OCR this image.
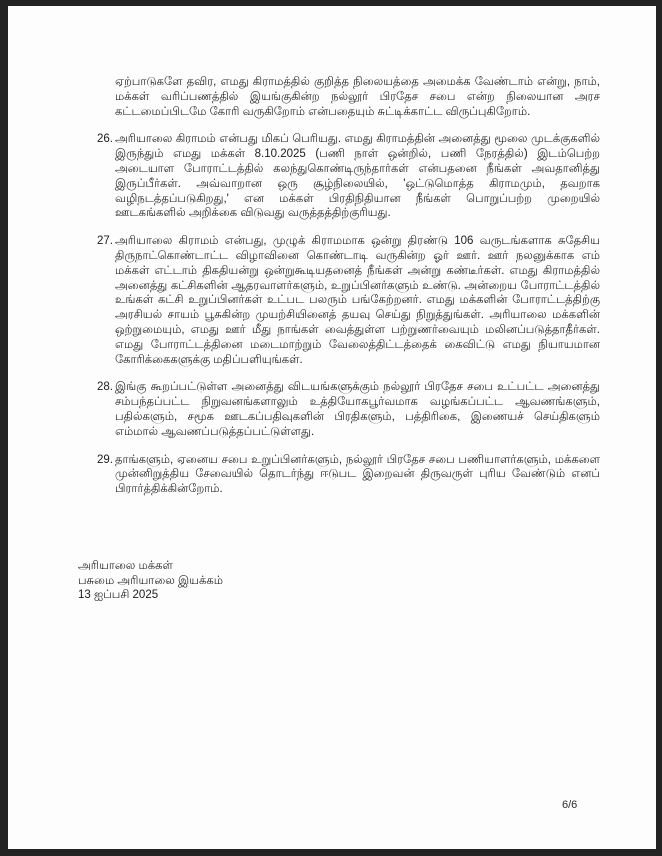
ஏற்பாடுகளே தவிர, எமது கிராமத்தில் குறித்த நிலையத்தை அமைக்க வேண்டாம் என்று, நாம், மக்கள் வரிப்பணத்தில் இயங்குகின்ற நல்லூர் பிரதேச சபை என்ற நிலையான அரச கட்டமைப்பிடமே கோரி வருகிறோம் என்பதையும் சுட்டிக்காட்ட விருப்புகிறோம்.

26. அரியாலை கிராமம் என்பது மிகப் பெரியது. எமது கிராமத்தின் அனைத்து மூலை முடக்குகளில் இருந்தும் எமது மக்கள் 8.10.2025 (பணி நாள் ஒன்றில், பணி நேரத்தில்) இடம்பெற்ற அடையாள போராட்டத்தில் கலந்துகொண்டிருந்தார்கள் என்பதனை நீங்கள் அவதானித்து இருப்பீர்கள். அவ்வாறான ஒரு சூழ்நிலையில், 'ஒட்டுமொத்த கிராமமும், தவறாக வழிநடத்தப்படுகிறது,' என மக்கள் பிரதிநிதியான நீங்கள் பொறுப்பற்ற முறையில் ஊடகங்களில் அறிக்கை விடுவது வருத்தத்திற்குரியது.
27. அரியாலை கிராமம் என்பது, முழுக் கிராமமாக ஒன்று திரண்டு 106 வருடங்களாக சுதேசிய திருநாட்கொண்டாட்ட விழாவினை கொண்டாடி வருகின்ற ஓர் ஊர். ஊர் நலனுக்காக எம் மக்கள் எட்டாம் திகதியன்று ஒன்றுகூடியதனைத் நீங்கள் அன்று கண்டீர்கள். எமது கிராமத்தில் அனைத்து கட்சிகளின் ஆதரவாளர்களும், உறுப்பினர்களும் உண்டு. அன்றைய போராட்டத்தில் உங்கள் கட்சி உறுப்பினர்கள் உட்பட பலரும் பங்கேற்றனர். எமது மக்களின் போராட்டத்திற்கு அரசியல் சாயம் பூசுகின்ற முயற்சியினைத் தயவு செய்து நிறுத்துங்கள். அரியாலை மக்களின் ஒற்றுமையும், எமது ஊர் மீது நாங்கள் வைத்துள்ள பற்றுணர்வையும் மலினப்படுத்தாதீர்கள். எமது போராட்டத்தினை மடைமாற்றும் வேலைத்திட்டத்தைக் கைவிட்டு எமது நியாயமான கோரிக்கைகளுக்கு மதிப்பளியுங்கள்.
28. இங்கு கூறப்பட்டுள்ள அனைத்து விடயங்களுக்கும் நல்லூர் பிரதேச சபை உட்பட்ட அனைத்து சம்பந்தப்பட்ட நிறுவனங்களாலும் உத்தியோகபூர்வமாக வழங்கப்பட்ட ஆவணங்களும், பதில்களும், சமூக ஊடகப்பதிவுகளின் பிரதிகளும், பத்திரிகை, இணையச் செய்திகளும் எம்மால் ஆவணப்படுத்தப்பட்டுள்ளது.
29. தாங்களும், ஏனைய சபை உறுப்பினர்களும், நல்லூர் பிரதேச சபை பணியாளர்களும், மக்களை முன்னிறுத்திய சேவையில் தொடர்ந்து ஈடுபட இறைவன் திருவருள் புரிய வேண்டும் எனப் பிரார்த்திக்கின்றோம்.
அரியாலை மக்கள்
பசுமை அரியாலை இயக்கம்
13 ஐப்பசி 2025
6/6
